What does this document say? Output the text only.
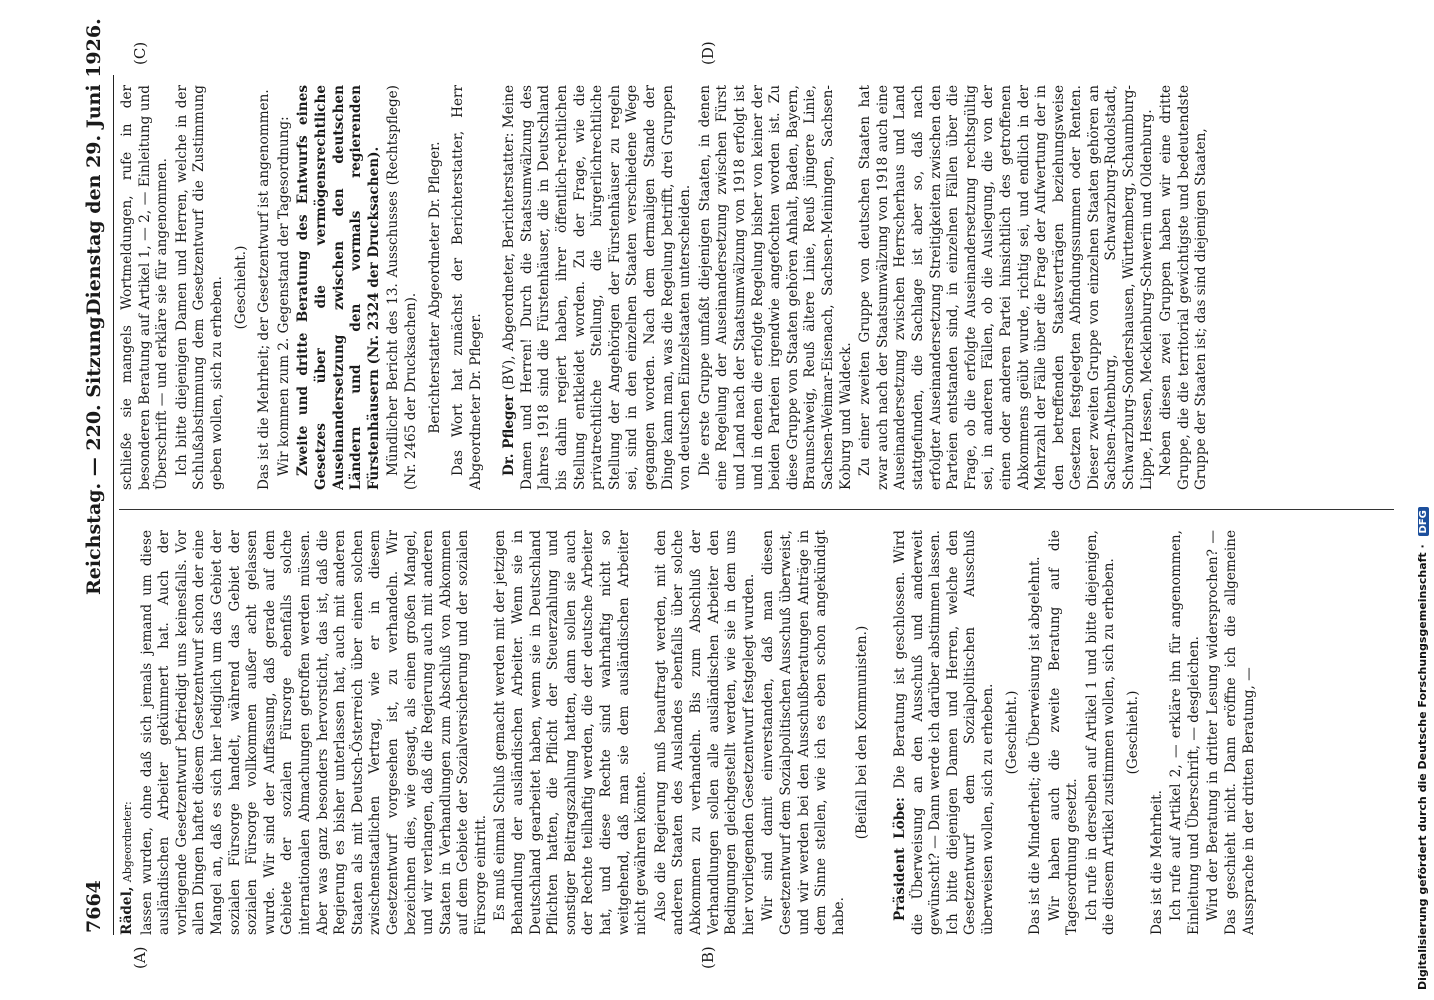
7664
Reichstag. — 220. Sitzung.
Dienstag den 29. Juni 1926.
(A)	(B)
(C)	(D)

Rädel, Abgeordneter: lassen wurden, ohne daß sich jemals jemand um diese ausländischen Arbeiter gekümmert hat. Auch der vorliegende Gesetzentwurf befriedigt uns keinesfalls. Vor allen Dingen haftet diesem Gesetzentwurf schon der eine Mangel an, daß es sich hier lediglich um das Gebiet der sozialen Fürsorge handelt, während das Gebiet der sozialen Fürsorge vollkommen außer acht gelassen wurde. Wir sind der Auffassung, daß gerade auf dem Gebiete der sozialen Fürsorge ebenfalls solche internationalen Abmachungen getroffen werden müssen. Aber was ganz besonders hervorsticht, das ist, daß die Regierung es bisher unterlassen hat, auch mit anderen Staaten als mit Deutsch-Österreich über einen solchen zwischenstaatlichen Vertrag, wie er in diesem Gesetzentwurf vorgesehen ist, zu verhandeln. Wir bezeichnen dies, wie gesagt, als einen großen Mangel, und wir verlangen, daß die Regierung auch mit anderen Staaten in Verhandlungen zum Abschluß von Abkommen auf dem Gebiete der Sozialversicherung und der sozialen Fürsorge eintritt. Es muß einmal Schluß gemacht werden mit der jetzigen Behandlung der ausländischen Arbeiter. Wenn sie in Deutschland gearbeitet haben, wenn sie in Deutschland Pflichten hatten, die Pflicht der Steuerzahlung und sonstiger Beitragszahlung hatten, dann sollen sie auch der Rechte teilhaftig werden, die der deutsche Arbeiter hat, und diese Rechte sind wahrhaftig nicht so weitgehend, daß man sie dem ausländischen Arbeiter nicht gewähren könnte. Also die Regierung muß beauftragt werden, mit den anderen Staaten des Auslandes ebenfalls über solche Abkommen zu verhandeln. Bis zum Abschluß der Verhandlungen sollen alle ausländischen Arbeiter den Bedingungen gleichgestellt werden, wie sie in dem uns hier vorliegenden Gesetzentwurf festgelegt wurden. Wir sind damit einverstanden, daß man diesen Gesetzentwurf dem Sozialpolitischen Ausschuß überweist, und wir werden bei den Ausschußberatungen Anträge in dem Sinne stellen, wie ich es eben schon angekündigt habe.

(Beifall bei den Kommunisten.)

Präsident Löbe: Die Beratung ist geschlossen. Wird die Überweisung an den Ausschuß und anderweit gewünscht? — Dann werde ich darüber abstimmen lassen. Ich bitte diejenigen Damen und Herren, welche den Gesetzentwurf dem Sozialpolitischen Ausschuß überweisen wollen, sich zu erheben. (Geschieht.) Das ist die Minderheit; die Überweisung ist abgelehnt. Wir haben auch die zweite Beratung auf die Tagesordnung gesetzt. Ich rufe in derselben auf Artikel 1 und bitte diejenigen, die diesem Artikel zustimmen wollen, sich zu erheben. (Geschieht.)

Das ist die Mehrheit. Ich rufe auf Artikel 2, — erkläre ihn für angenommen, Einleitung und Überschrift, — desgleichen. Wird der Beratung in dritter Lesung widersprochen? — Das geschieht nicht. Dann eröffne ich die allgemeine Aussprache in der dritten Beratung, —

schließe sie mangels Wortmeldungen, rufe in der besonderen Beratung auf Artikel 1, — 2, — Einleitung und Überschrift — und erkläre sie für angenommen. Ich bitte diejenigen Damen und Herren, welche in der Schlußabstimmung dem Gesetzentwurf die Zustimmung geben wollen, sich zu erheben. (Geschieht.) Das ist die Mehrheit; der Gesetzentwurf ist angenommen. Wir kommen zum 2. Gegenstand der Tagesordnung: Zweite und dritte Beratung des Entwurfs eines Gesetzes über die vermögensrechtliche Auseinandersetzung zwischen den deutschen Ländern und den vormals regierenden Fürstenhäusern (Nr. 2324 der Drucksachen). Mündlicher Bericht des 13. Ausschusses (Rechtspflege) (Nr. 2465 der Drucksachen). Berichterstatter Abgeordneter Dr. Pfleger. Das Wort hat zunächst der Berichterstatter, Herr Abgeordneter Dr. Pfleger. Dr. Pfleger (BV), Abgeordneter, Berichterstatter: Meine Damen und Herren! Durch die Staatsumwälzung des Jahres 1918 sind die Fürstenhäuser, die in Deutschland bis dahin regiert haben, ihrer öffentlich-rechtlichen Stellung entkleidet worden. Zu der Frage, wie die privatrechtliche Stellung, die bürgerlichrechtliche Stellung der Angehörigen der Fürstenhäuser zu regeln sei, sind in den einzelnen Staaten verschiedene Wege gegangen worden. Nach dem dermaligen Stande der Dinge kann man, was die Regelung betrifft, drei Gruppen von deutschen Einzelstaaten unterscheiden. Die erste Gruppe umfaßt diejenigen Staaten, in denen eine Regelung der Auseinandersetzung zwischen Fürst und Land nach der Staatsumwälzung von 1918 erfolgt ist und in denen die erfolgte Regelung bisher von keiner der beiden Parteien irgendwie angefochten worden ist. Zu diese Gruppe von Staaten gehören Anhalt, Baden, Bayern, Braunschweig, Reuß ältere Linie, Reuß jüngere Linie, Sachsen-Weimar-Eisenach, Sachsen-Meiningen, Sachsen-Koburg und Waldeck. Zu einer zweiten Gruppe von deutschen Staaten hat zwar auch nach der Staatsumwälzung von 1918 auch eine Auseinandersetzung zwischen Herrscherhaus und Land stattgefunden, die Sachlage ist aber so, daß nach erfolgter Auseinandersetzung Streitigkeiten zwischen den Parteien entstanden sind, in einzelnen Fällen über die Frage, ob die erfolgte Auseinandersetzung rechtsgültig sei, in anderen Fällen, ob die Auslegung, die von der einen oder anderen Partei hinsichtlich des getroffenen Abkommens geübt wurde, richtig sei, und endlich in der Mehrzahl der Fälle über die Frage der Aufwertung der in den betreffenden Staatsverträgen beziehungsweise Gesetzen festgelegten Abfindungssummen oder Renten. Dieser zweiten Gruppe von einzelnen Staaten gehören an Sachsen-Altenburg, Schwarzburg-Rudolstadt, Schwarzburg-Sondershausen, Württemberg, Schaumburg-Lippe, Hessen, Mecklenburg-Schwerin und Oldenburg. Neben diesen zwei Gruppen haben wir eine dritte Gruppe, die die territorial gewichtigste und bedeutendste Gruppe der Staaten ist; das sind diejenigen Staaten,

Digitalisierung gefördert durch die Deutsche Forschungsgemeinschaft · DFG
